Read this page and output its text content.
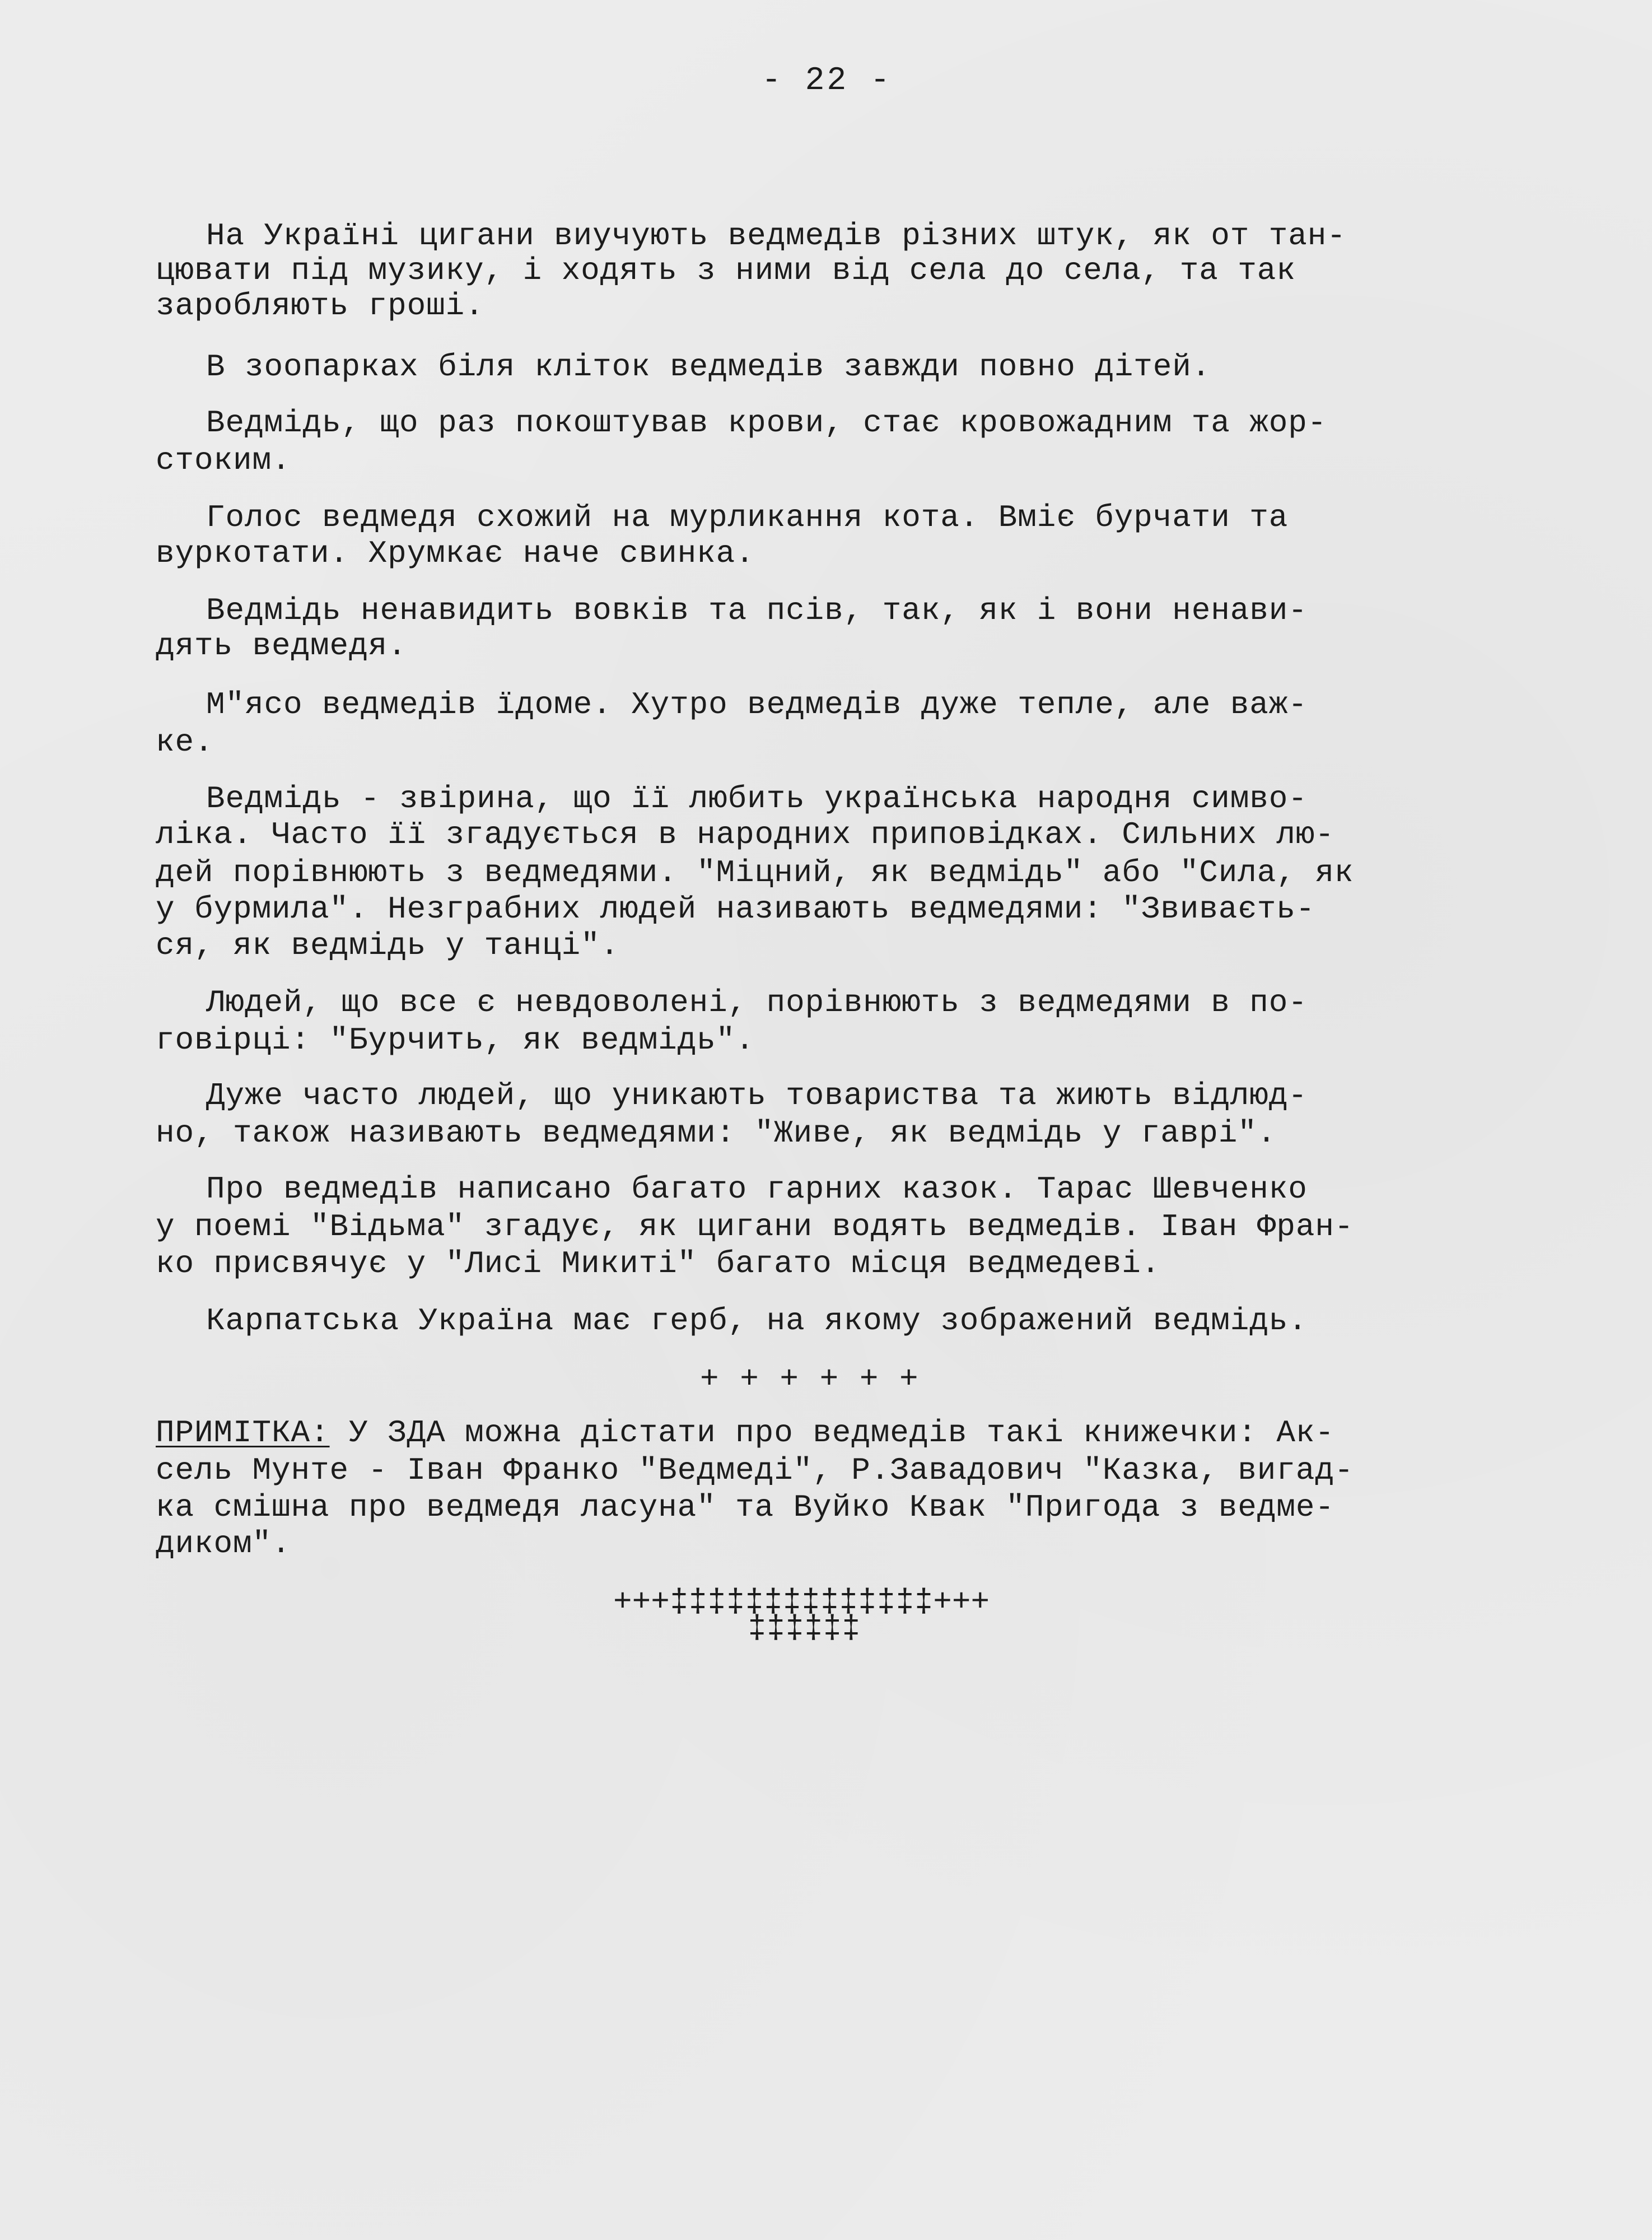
- 22 -
На Україні цигани виучують ведмедів різних штук, як от тан-
цювати під музику, і ходять з ними від села до села, та так
заробляють гроші.
В зоопарках біля кліток ведмедів завжди повно дітей.
Ведмідь, що раз покоштував крови, стає кровожадним та жор-
стоким.
Голос ведмедя схожий на мурликання кота. Вміє бурчати та
вуркотати. Хрумкає наче свинка.
Ведмідь ненавидить вовків та псів, так, як і вони ненави-
дять ведмедя.
М"ясо ведмедів їдоме. Хутро ведмедів дуже тепле, але важ-
ке.
Ведмідь - звірина, що її любить українська народня симво-
ліка. Часто її згадується в народних приповідках. Сильних лю-
дей порівнюють з ведмедями. "Міцний, як ведмідь" або "Сила, як
у бурмила". Незграбних людей називають ведмедями: "Звиваєть-
ся, як ведмідь у танці".
Людей, що все є невдоволені, порівнюють з ведмедями в по-
говірці: "Бурчить, як ведмідь".
Дуже часто людей, що уникають товариства та жиють відлюд-
но, також називають ведмедями: "Живе, як ведмідь у гаврі".
Про ведмедів написано багато гарних казок. Тарас Шевченко
у поемі "Відьма" згадує, як цигани водять ведмедів. Іван Фран-
ко присвячує у "Лисі Микиті" багато місця ведмедеві.
Карпатська Україна має герб, на якому зображений ведмідь.
+ + + + + +
ПРИМІТКА: У ЗДА можна дістати про ведмедів такі книжечки: Ак-
сель Мунте - Іван Франко "Ведмеді", Р.Завадович "Казка, вигад-
ка смішна про ведмедя ласуна" та Вуйко Квак "Пригода з ведме-
диком".
+++‡‡‡‡‡‡‡‡‡‡‡‡‡‡+++
‡‡‡‡‡‡
